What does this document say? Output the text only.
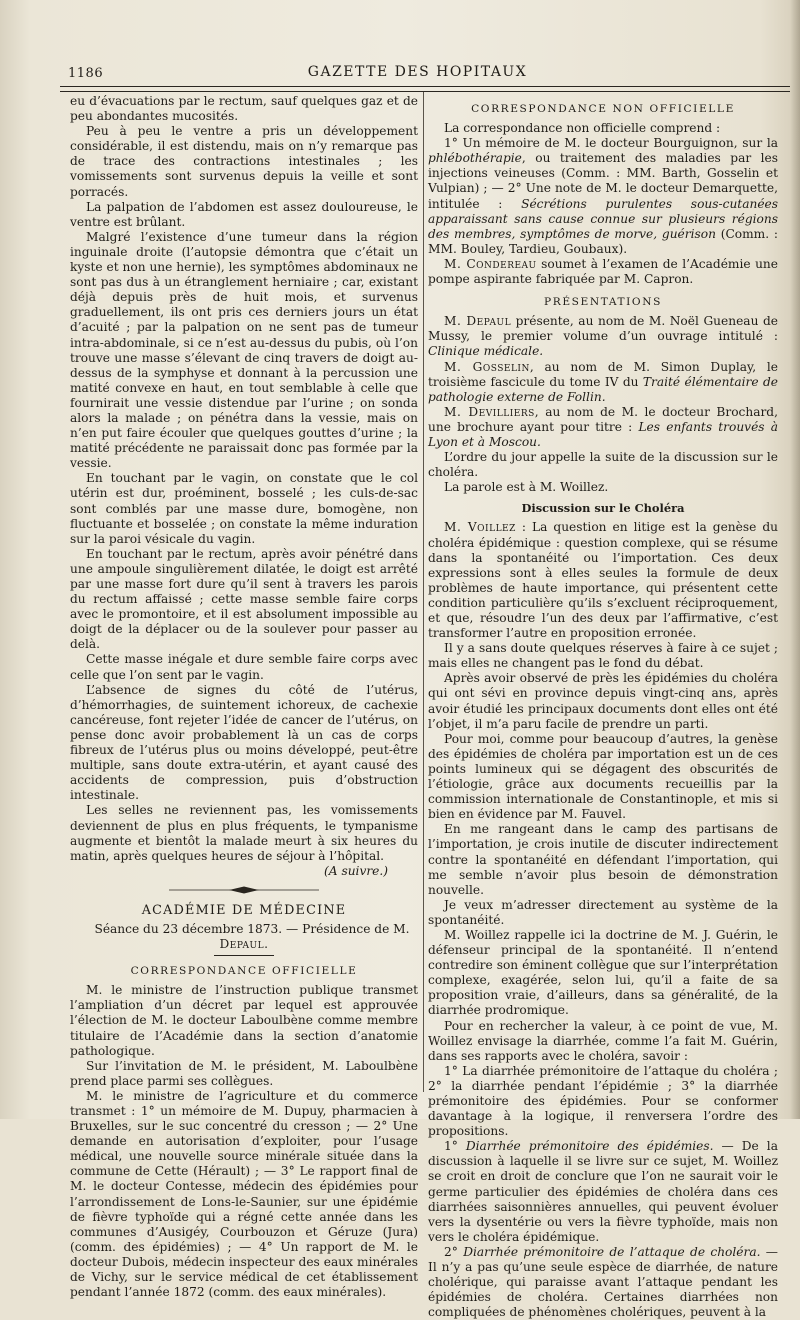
1186	GAZETTE DES HOPITAUX

eu d’évacuations par le rectum, sauf quelques gaz et de peu abondantes mucosités.

Peu à peu le ventre a pris un développement considérable, il est distendu, mais on n’y remarque pas de trace des contractions intestinales ; les vomissements sont survenus depuis la veille et sont porracés.

La palpation de l’abdomen est assez douloureuse, le ventre est brûlant.

Malgré l’existence d’une tumeur dans la région inguinale droite (l’autopsie démontra que c’était un kyste et non une hernie), les symptômes abdominaux ne sont pas dus à un étranglement herniaire ; car, existant déjà depuis près de huit mois, et survenus graduellement, ils ont pris ces derniers jours un état d’acuité ; par la palpation on ne sent pas de tumeur intra-abdominale, si ce n’est au-dessus du pubis, où l’on trouve une masse s’élevant de cinq travers de doigt au-dessus de la symphyse et donnant à la percussion une matité convexe en haut, en tout semblable à celle que fournirait une vessie distendue par l’urine ; on sonda alors la malade ; on pénétra dans la vessie, mais on n’en put faire écouler que quelques gouttes d’urine ; la matité précédente ne paraissait donc pas formée par la vessie.

En touchant par le vagin, on constate que le col utérin est dur, proéminent, bosselé ; les culs-de-sac sont comblés par une masse dure, bomogène, non fluctuante et bosselée ; on constate la même induration sur la paroi vésicale du vagin.

En touchant par le rectum, après avoir pénétré dans une ampoule singulièrement dilatée, le doigt est arrêté par une masse fort dure qu’il sent à travers les parois du rectum affaissé ; cette masse semble faire corps avec le promontoire, et il est absolument impossible au doigt de la déplacer ou de la soulever pour passer au delà.

Cette masse inégale et dure semble faire corps avec celle que l’on sent par le vagin.

L’absence de signes du côté de l’utérus, d’hémorrhagies, de suintement ichoreux, de cachexie cancéreuse, font rejeter l’idée de cancer de l’utérus, on pense donc avoir probablement là un cas de corps fibreux de l’utérus plus ou moins développé, peut-être multiple, sans doute extra-utérin, et ayant causé des accidents de compression, puis d’obstruction intestinale.

Les selles ne reviennent pas, les vomissements deviennent de plus en plus fréquents, le tympanisme augmente et bientôt la malade meurt à six heures du matin, après quelques heures de séjour à l’hôpital.

(A suivre.)

ACADÉMIE DE MÉDECINE

Séance du 23 décembre 1873. — Présidence de M. Depaul.

CORRESPONDANCE OFFICIELLE

M. le ministre de l’instruction publique transmet l’ampliation d’un décret par lequel est approuvée l’élection de M. le docteur Laboulbène comme membre titulaire de l’Académie dans la section d’anatomie pathologique.

Sur l’invitation de M. le président, M. Laboulbène prend place parmi ses collègues.

M. le ministre de l’agriculture et du commerce transmet : 1° un mémoire de M. Dupuy, pharmacien à Bruxelles, sur le suc concentré du cresson ; — 2° Une demande en autorisation d’exploiter, pour l’usage médical, une nouvelle source minérale située dans la commune de Cette (Hérault) ; — 3° Le rapport final de M. le docteur Contesse, médecin des épidémies pour l’arrondissement de Lons-le-Saunier, sur une épidémie de fièvre typhoïde qui a régné cette année dans les communes d’Ausigéy, Courbouzon et Géruze (Jura) (comm. des épidémies) ; — 4° Un rapport de M. le docteur Dubois, médecin inspecteur des eaux minérales de Vichy, sur le service médical de cet établissement pendant l’année 1872 (comm. des eaux minérales).

CORRESPONDANCE NON OFFICIELLE

La correspondance non officielle comprend :

1° Un mémoire de M. le docteur Bourguignon, sur la phlébothérapie, ou traitement des maladies par les injections veineuses (Comm. : MM. Barth, Gosselin et Vulpian) ; — 2° Une note de M. le docteur Demarquette, intitulée : Sécrétions purulentes sous-cutanées apparaissant sans cause connue sur plusieurs régions des membres, symptômes de morve, guérison (Comm. : MM. Bouley, Tardieu, Goubaux).

M. Condereau soumet à l’examen de l’Académie une pompe aspirante fabriquée par M. Capron.

PRÉSENTATIONS

M. Depaul présente, au nom de M. Noël Gueneau de Mussy, le premier volume d’un ouvrage intitulé : Clinique médicale.

M. Gosselin, au nom de M. Simon Duplay, le troisième fascicule du tome IV du Traité élémentaire de pathologie externe de Follin.

M. Devilliers, au nom de M. le docteur Brochard, une brochure ayant pour titre : Les enfants trouvés à Lyon et à Moscou.

L’ordre du jour appelle la suite de la discussion sur le choléra.

La parole est à M. Woillez.

Discussion sur le Choléra

M. Voillez : La question en litige est la genèse du choléra épidémique : question complexe, qui se résume dans la spontanéité ou l’importation. Ces deux expressions sont à elles seules la formule de deux problèmes de haute importance, qui présentent cette condition particulière qu’ils s’excluent réciproquement, et que, résoudre l’un des deux par l’affirmative, c’est transformer l’autre en proposition erronée.

Il y a sans doute quelques réserves à faire à ce sujet ; mais elles ne changent pas le fond du débat.

Après avoir observé de près les épidémies du choléra qui ont sévi en province depuis vingt-cinq ans, après avoir étudié les principaux documents dont elles ont été l’objet, il m’a paru facile de prendre un parti.

Pour moi, comme pour beaucoup d’autres, la genèse des épidémies de choléra par importation est un de ces points lumineux qui se dégagent des obscurités de l’étiologie, grâce aux documents recueillis par la commission internationale de Constantinople, et mis si bien en évidence par M. Fauvel.

En me rangeant dans le camp des partisans de l’importation, je crois inutile de discuter indirectement contre la spontanéité en défendant l’importation, qui me semble n’avoir plus besoin de démonstration nouvelle.

Je veux m’adresser directement au système de la spontanéité.

M. Woillez rappelle ici la doctrine de M. J. Guérin, le défenseur principal de la spontanéité. Il n’entend contredire son éminent collègue que sur l’interprétation complexe, exagérée, selon lui, qu’il a faite de sa proposition vraie, d’ailleurs, dans sa généralité, de la diarrhée prodromique.

Pour en rechercher la valeur, à ce point de vue, M. Woillez envisage la diarrhée, comme l’a fait M. Guérin, dans ses rapports avec le choléra, savoir :

1° La diarrhée prémonitoire de l’attaque du choléra ; 2° la diarrhée pendant l’épidémie ; 3° la diarrhée prémonitoire des épidémies. Pour se conformer davantage à la logique, il renversera l’ordre des propositions.

1° Diarrhée prémonitoire des épidémies. — De la discussion à laquelle il se livre sur ce sujet, M. Woillez se croit en droit de conclure que l’on ne saurait voir le germe particulier des épidémies de choléra dans ces diarrhées saisonnières annuelles, qui peuvent évoluer vers la dysentérie ou vers la fièvre typhoïde, mais non vers le choléra épidémique.

2° Diarrhée prémonitoire de l’attaque de choléra. — Il n’y a pas qu’une seule espèce de diarrhée, de nature cholérique, qui paraisse avant l’attaque pendant les épidémies de choléra. Certaines diarrhées non compliquées de phénomènes cholériques, peuvent à la
